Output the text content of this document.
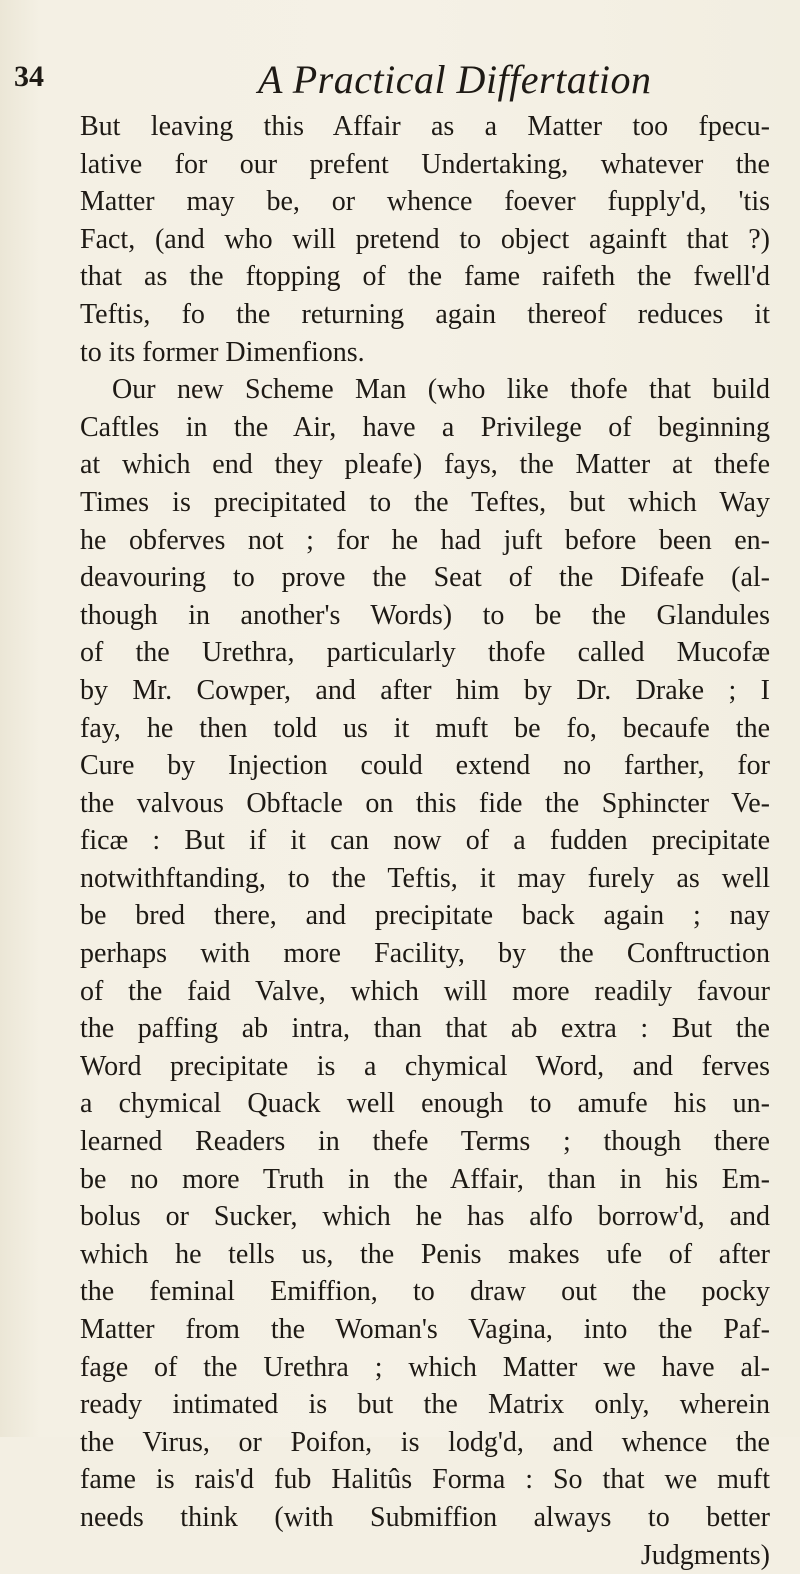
34	A Practical Differtation
But leaving this Affair as a Matter too fpecu-
lative for our prefent Undertaking, whatever the
Matter may be, or whence foever fupply'd, 'tis
Fact, (and who will pretend to object againft that ?)
that as the ftopping of the fame raifeth the fwell'd
Teftis, fo the returning again thereof reduces it
to its former Dimenfions.
Our new Scheme Man (who like thofe that build
Caftles in the Air, have a Privilege of beginning
at which end they pleafe) fays, the Matter at thefe
Times is precipitated to the Teftes, but which Way
he obferves not ; for he had juft before been en-
deavouring to prove the Seat of the Difeafe (al-
though in another's Words) to be the Glandules
of the Urethra, particularly thofe called Mucofæ
by Mr. Cowper, and after him by Dr. Drake ; I
fay, he then told us it muft be fo, becaufe the
Cure by Injection could extend no farther, for
the valvous Obftacle on this fide the Sphincter Ve-
ficæ : But if it can now of a fudden precipitate
notwithftanding, to the Teftis, it may furely as well
be bred there, and precipitate back again ; nay
perhaps with more Facility, by the Conftruction
of the faid Valve, which will more readily favour
the paffing ab intra, than that ab extra : But the
Word precipitate is a chymical Word, and ferves
a chymical Quack well enough to amufe his un-
learned Readers in thefe Terms ; though there
be no more Truth in the Affair, than in his Em-
bolus or Sucker, which he has alfo borrow'd, and
which he tells us, the Penis makes ufe of after
the feminal Emiffion, to draw out the pocky
Matter from the Woman's Vagina, into the Paf-
fage of the Urethra ; which Matter we have al-
ready intimated is but the Matrix only, wherein
the Virus, or Poifon, is lodg'd, and whence the
fame is rais'd fub Halitûs Forma : So that we muft
needs think (with Submiffion always to better
Judgments)
